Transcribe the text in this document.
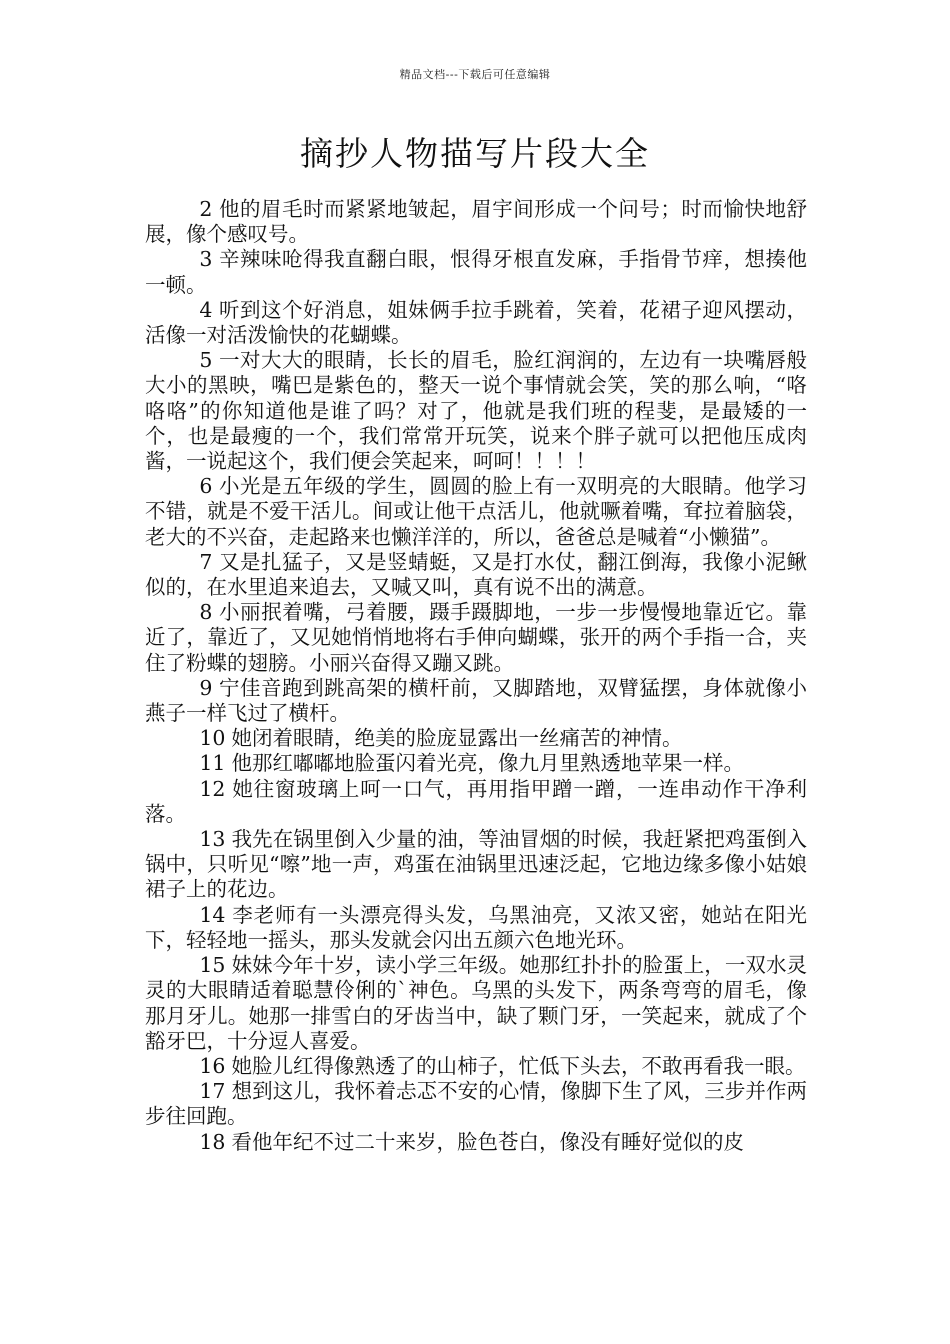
精品文档---下载后可任意编辑
摘抄人物描写片段大全

2 他的眉毛时而紧紧地皱起，眉宇间形成一个问号；时而愉快地舒展，像个感叹号。

3 辛辣味呛得我直翻白眼，恨得牙根直发麻，手指骨节痒，想揍他一顿。

4 听到这个好消息，姐妹俩手拉手跳着，笑着，花裙子迎风摆动，活像一对活泼愉快的花蝴蝶。

5 一对大大的眼睛，长长的眉毛，脸红润润的，左边有一块嘴唇般大小的黑映，嘴巴是紫色的，整天一说个事情就会笑，笑的那么响，“咯咯咯”的你知道他是谁了吗？对了，他就是我们班的程斐，是最矮的一个，也是最瘦的一个，我们常常开玩笑，说来个胖子就可以把他压成肉酱，一说起这个，我们便会笑起来，呵呵！！！！

6 小光是五年级的学生，圆圆的脸上有一双明亮的大眼睛。他学习不错，就是不爱干活儿。间或让他干点活儿，他就噘着嘴，耷拉着脑袋，老大的不兴奋，走起路来也懒洋洋的，所以，爸爸总是喊着“小懒猫”。

7 又是扎猛子，又是竖蜻蜓，又是打水仗，翻江倒海，我像小泥鳅似的，在水里追来追去，又喊又叫，真有说不出的满意。

8 小丽抿着嘴，弓着腰，蹑手蹑脚地，一步一步慢慢地靠近它。靠近了，靠近了，又见她悄悄地将右手伸向蝴蝶，张开的两个手指一合，夹住了粉蝶的翅膀。小丽兴奋得又蹦又跳。

9 宁佳音跑到跳高架的横杆前，又脚踏地，双臂猛摆，身体就像小燕子一样飞过了横杆。

10 她闭着眼睛，绝美的脸庞显露出一丝痛苦的神情。

11 他那红嘟嘟地脸蛋闪着光亮，像九月里熟透地苹果一样。

12 她往窗玻璃上呵一口气，再用指甲蹭一蹭，一连串动作干净利落。

13 我先在锅里倒入少量的油，等油冒烟的时候，我赶紧把鸡蛋倒入锅中，只听见“嚓”地一声，鸡蛋在油锅里迅速泛起，它地边缘多像小姑娘裙子上的花边。

14 李老师有一头漂亮得头发，乌黑油亮，又浓又密，她站在阳光下，轻轻地一摇头，那头发就会闪出五颜六色地光环。

15 妹妹今年十岁，读小学三年级。她那红扑扑的脸蛋上，一双水灵灵的大眼睛适着聪慧伶俐的`神色。乌黑的头发下，两条弯弯的眉毛，像那月牙儿。她那一排雪白的牙齿当中，缺了颗门牙，一笑起来，就成了个豁牙巴，十分逗人喜爱。

16 她脸儿红得像熟透了的山柿子，忙低下头去，不敢再看我一眼。

17 想到这儿，我怀着忐忑不安的心情，像脚下生了风，三步并作两步往回跑。

18 看他年纪不过二十来岁，脸色苍白，像没有睡好觉似的皮
